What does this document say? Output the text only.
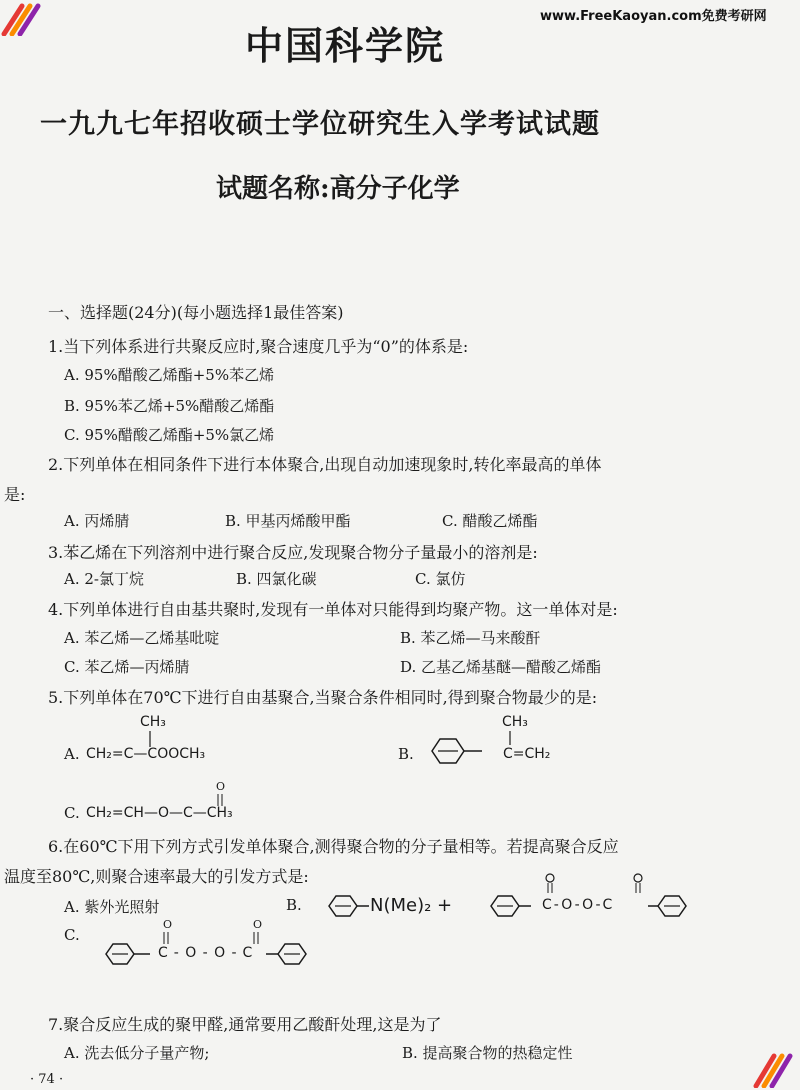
www.FreeKaoyan.com免费考研网
中国科学院
一九九七年招收硕士学位研究生入学考试试题
试题名称:高分子化学
一、选择题(24分)(每小题选择1最佳答案)
1.当下列体系进行共聚反应时,聚合速度几乎为“0”的体系是:
A. 95%醋酸乙烯酯+5%苯乙烯
B. 95%苯乙烯+5%醋酸乙烯酯
C. 95%醋酸乙烯酯+5%氯乙烯
2.下列单体在相同条件下进行本体聚合,出现自动加速现象时,转化率最高的单体
是:
A. 丙烯腈	B. 甲基丙烯酸甲酯	C. 醋酸乙烯酯
3.苯乙烯在下列溶剂中进行聚合反应,发现聚合物分子量最小的溶剂是:
A. 2-氯丁烷	B. 四氯化碳	C. 氯仿
4.下列单体进行自由基共聚时,发现有一单体对只能得到均聚产物。这一单体对是:
A. 苯乙烯—乙烯基吡啶	B. 苯乙烯—马来酸酐
C. 苯乙烯—丙烯腈	D. 乙基乙烯基醚—醋酸乙烯酯
5.下列单体在70℃下进行自由基聚合,当聚合条件相同时,得到聚合物最少的是:
CH₃
A. CH₂=C—COOCH₃	B.
CH₃
C=CH₂
O
C. CH₂=CH—O—C—CH₃
6.在60℃下用下列方式引发单体聚合,测得聚合物的分子量相等。若提高聚合反应
温度至80℃,则聚合速率最大的引发方式是:
A. 紫外光照射	B.	N(Me)₂ +	C-O-O-C
C.
O	O
C-O-O-C
7.聚合反应生成的聚甲醛,通常要用乙酸酐处理,这是为了
A. 洗去低分子量产物;	B. 提高聚合物的热稳定性
· 74 ·
